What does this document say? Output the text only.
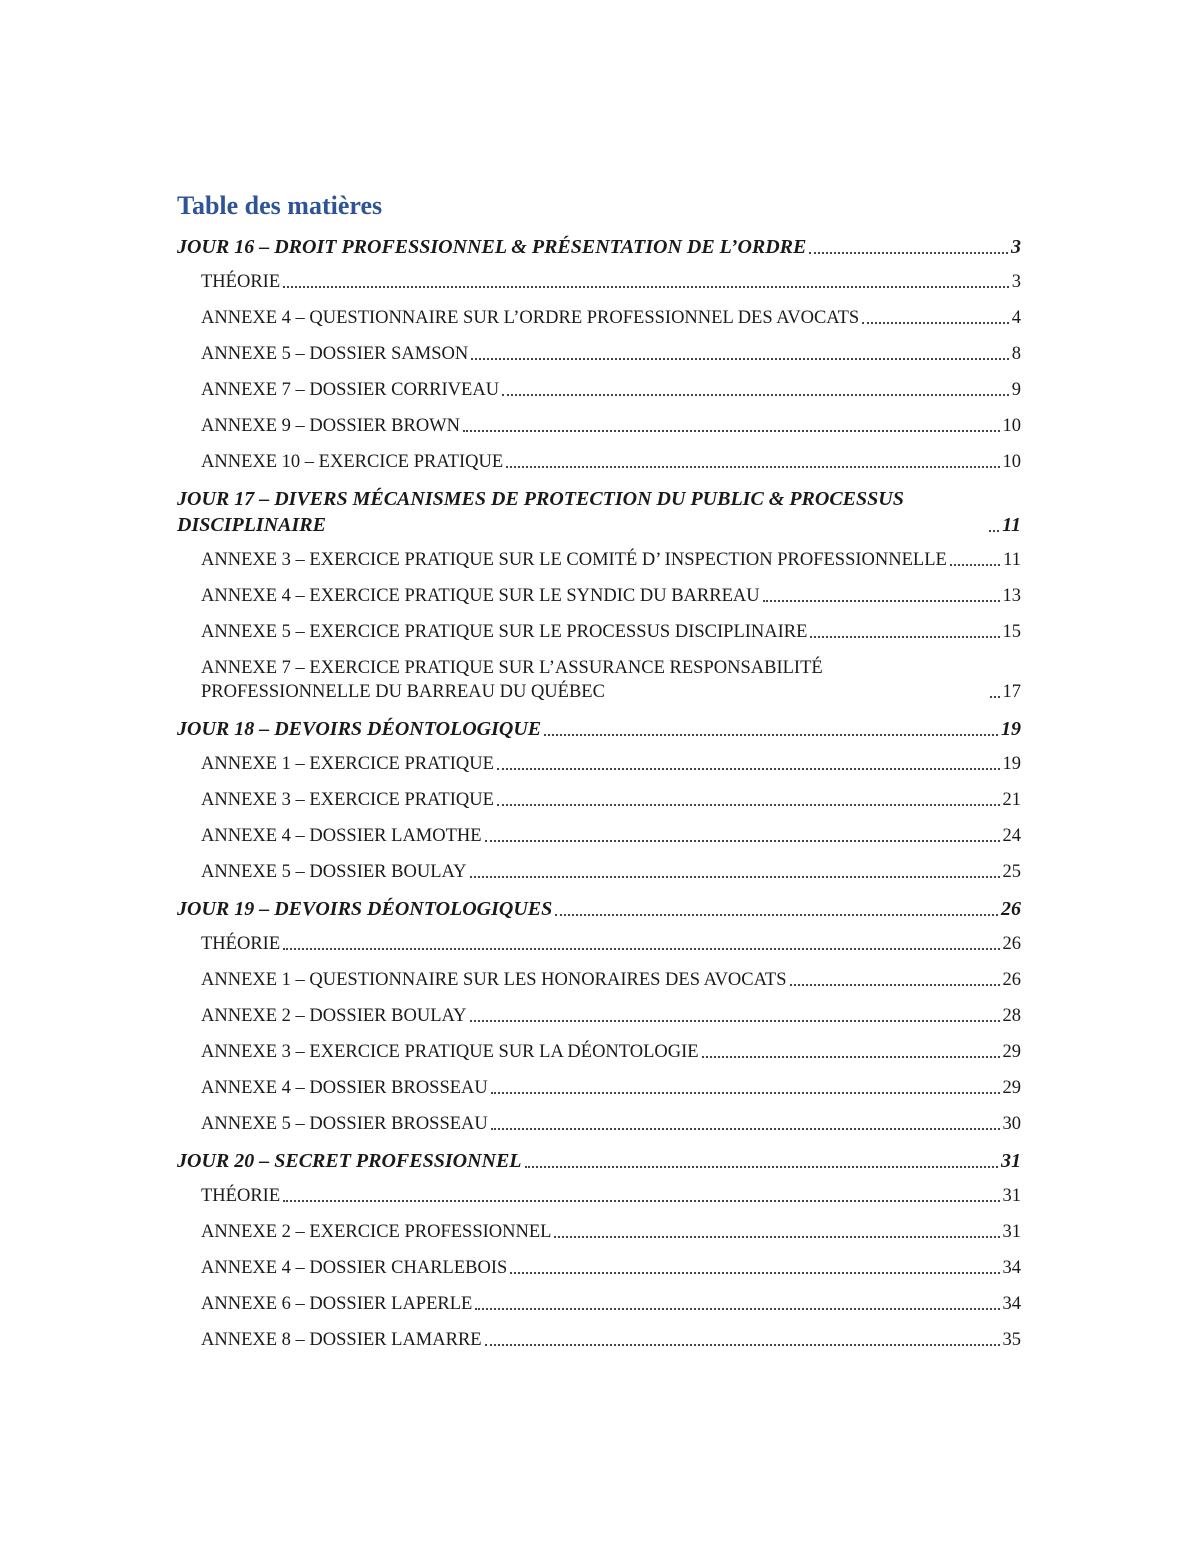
Table des matières
JOUR 16 – DROIT PROFESSIONNEL & PRÉSENTATION DE L’ORDRE	3
THÉORIE	3
ANNEXE 4 – QUESTIONNAIRE SUR L’ORDRE PROFESSIONNEL DES AVOCATS	4
ANNEXE 5 – DOSSIER SAMSON	8
ANNEXE 7 – DOSSIER CORRIVEAU	9
ANNEXE 9 – DOSSIER BROWN	10
ANNEXE 10 – EXERCICE PRATIQUE	10
JOUR 17 – DIVERS MÉCANISMES DE PROTECTION DU PUBLIC & PROCESSUS DISCIPLINAIRE	11
ANNEXE 3 – EXERCICE PRATIQUE SUR LE COMITÉ D’ INSPECTION PROFESSIONNELLE	11
ANNEXE 4 – EXERCICE PRATIQUE SUR LE SYNDIC DU BARREAU	13
ANNEXE 5 – EXERCICE PRATIQUE SUR LE PROCESSUS DISCIPLINAIRE	15
ANNEXE 7 – EXERCICE PRATIQUE SUR L’ASSURANCE RESPONSABILITÉ PROFESSIONNELLE DU BARREAU DU QUÉBEC	17
JOUR 18 – DEVOIRS DÉONTOLOGIQUE	19
ANNEXE 1 – EXERCICE PRATIQUE	19
ANNEXE 3 – EXERCICE PRATIQUE	21
ANNEXE 4 – DOSSIER LAMOTHE	24
ANNEXE 5 – DOSSIER BOULAY	25
JOUR 19 – DEVOIRS DÉONTOLOGIQUES	26
THÉORIE	26
ANNEXE 1 – QUESTIONNAIRE SUR LES HONORAIRES DES AVOCATS	26
ANNEXE 2 – DOSSIER BOULAY	28
ANNEXE 3 – EXERCICE PRATIQUE SUR LA DÉONTOLOGIE	29
ANNEXE 4 – DOSSIER BROSSEAU	29
ANNEXE 5 – DOSSIER BROSSEAU	30
JOUR 20 – SECRET PROFESSIONNEL	31
THÉORIE	31
ANNEXE 2 – EXERCICE PROFESSIONNEL	31
ANNEXE 4 – DOSSIER CHARLEBOIS	34
ANNEXE 6 – DOSSIER LAPERLE	34
ANNEXE 8 – DOSSIER LAMARRE	35
